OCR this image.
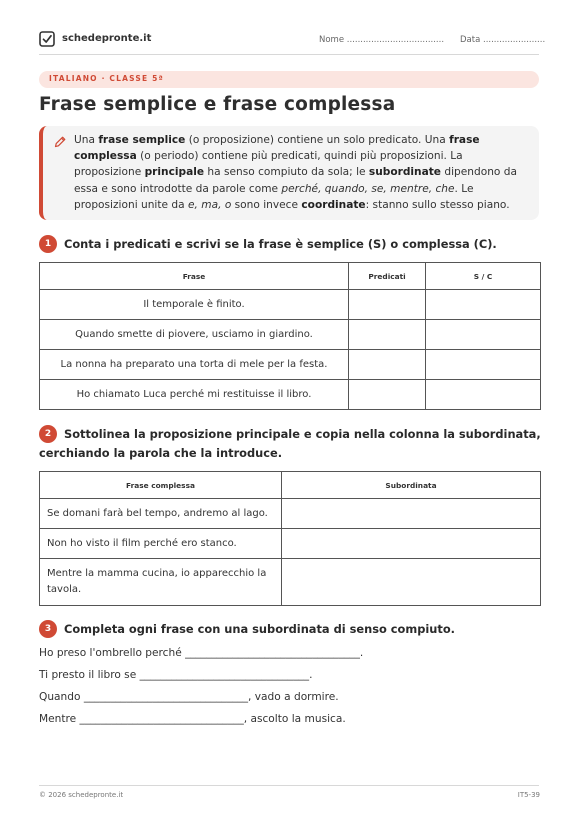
schedepronte.it	Nome .................................... Data .......................
ITALIANO · CLASSE 5ª
Frase semplice e frase complessa
Una frase semplice (o proposizione) contiene un solo predicato. Una frase complessa (o periodo) contiene più predicati, quindi più proposizioni. La proposizione principale ha senso compiuto da sola; le subordinate dipendono da essa e sono introdotte da parole come perché, quando, se, mentre, che. Le proposizioni unite da e, ma, o sono invece coordinate: stanno sullo stesso piano.
1	Conta i predicati e scrivi se la frase è semplice (S) o complessa (C).
Frase	Predicati	S / C
Il temporale è finito.		
Quando smette di piovere, usciamo in giardino.		
La nonna ha preparato una torta di mele per la festa.		
Ho chiamato Luca perché mi restituisse il libro.		
2	Sottolinea la proposizione principale e copia nella colonna la subordinata,
cerchiando la parola che la introduce.
Frase complessa	Subordinata
Se domani farà bel tempo, andremo al lago.	
Non ho visto il film perché ero stanco.	
Mentre la mamma cucina, io apparecchio la tavola.	
3	Completa ogni frase con una subordinata di senso compiuto.
Ho preso l'ombrello perché _________________________________.
Ti presto il libro se ________________________________.
Quando _______________________________, vado a dormire.
Mentre _______________________________, ascolto la musica.
© 2026 schedepronte.it	IT5-39
